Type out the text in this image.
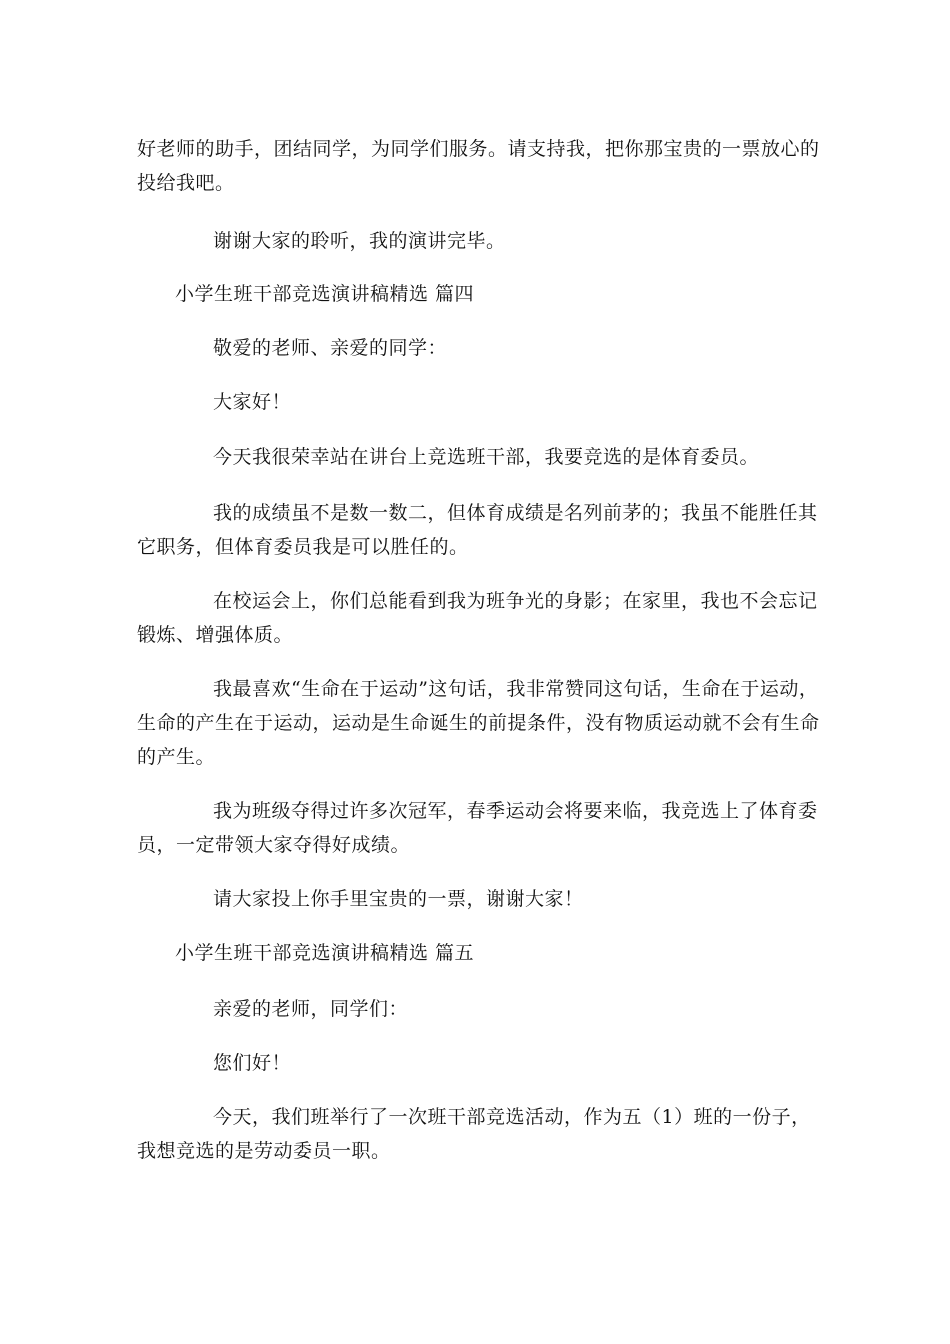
好老师的助手，团结同学，为同学们服务。请支持我，把你那宝贵的一票放心的
投给我吧。
谢谢大家的聆听，我的演讲完毕。
小学生班干部竞选演讲稿精选 篇四
敬爱的老师、亲爱的同学：
大家好！
今天我很荣幸站在讲台上竞选班干部，我要竞选的是体育委员。
我的成绩虽不是数一数二，但体育成绩是名列前茅的；我虽不能胜任其
它职务，但体育委员我是可以胜任的。
在校运会上，你们总能看到我为班争光的身影；在家里，我也不会忘记
锻炼、增强体质。
我最喜欢“生命在于运动”这句话，我非常赞同这句话，生命在于运动，
生命的产生在于运动，运动是生命诞生的前提条件，没有物质运动就不会有生命
的产生。
我为班级夺得过许多次冠军，春季运动会将要来临，我竞选上了体育委
员，一定带领大家夺得好成绩。
请大家投上你手里宝贵的一票，谢谢大家！
小学生班干部竞选演讲稿精选 篇五
亲爱的老师，同学们：
您们好！
今天，我们班举行了一次班干部竞选活动，作为五（1）班的一份子，
我想竞选的是劳动委员一职。
